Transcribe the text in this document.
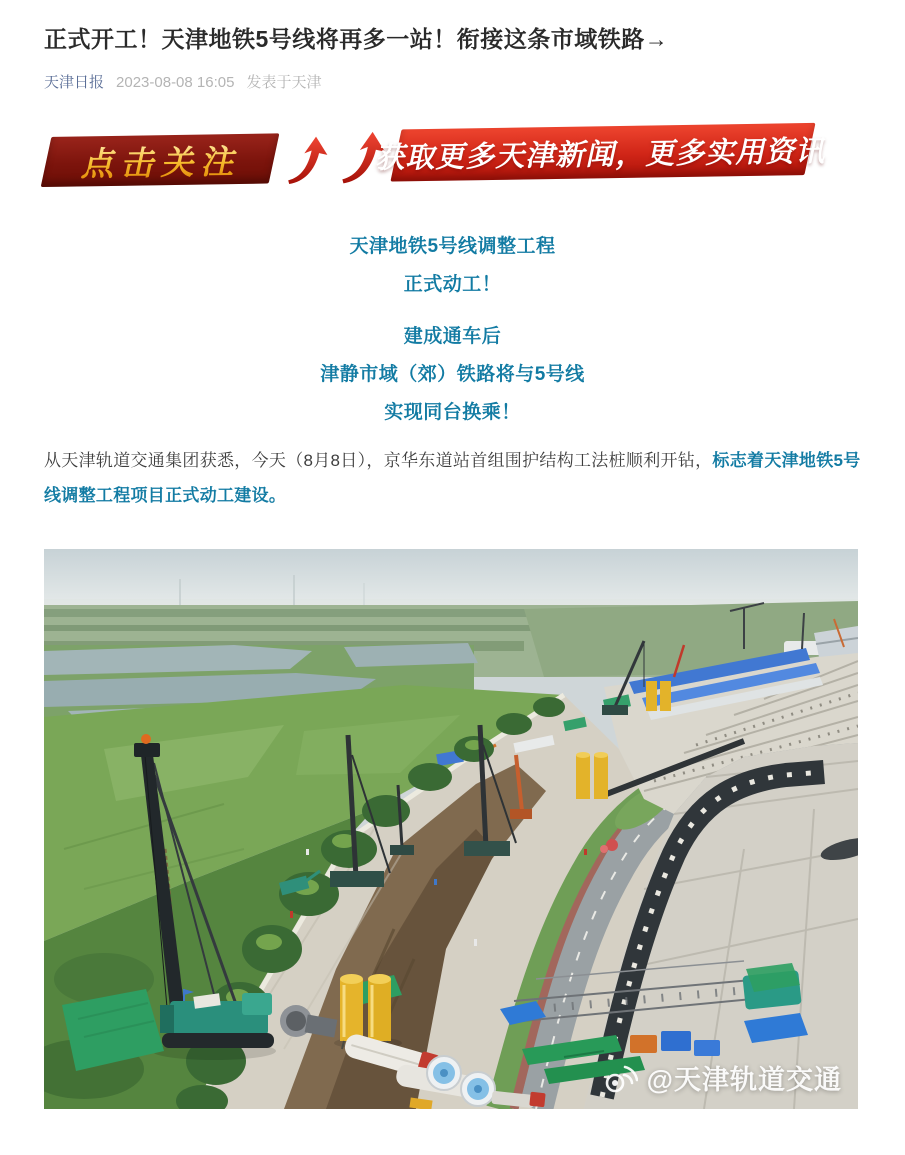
正式开工！天津地铁5号线将再多一站！衔接这条市域铁路→
天津日报 2023-08-08 16:05 发表于天津
点击关注	获取更多天津新闻，更多实用资讯
天津地铁5号线调整工程
正式动工！
建成通车后
津静市域（郊）铁路将与5号线
实现同台换乘！

从天津轨道交通集团获悉，今天（8月8日），京华东道站首组围护结构工法桩顺利开钻，标志着天津地铁5号线调整工程项目正式动工建设。

@天津轨道交通
